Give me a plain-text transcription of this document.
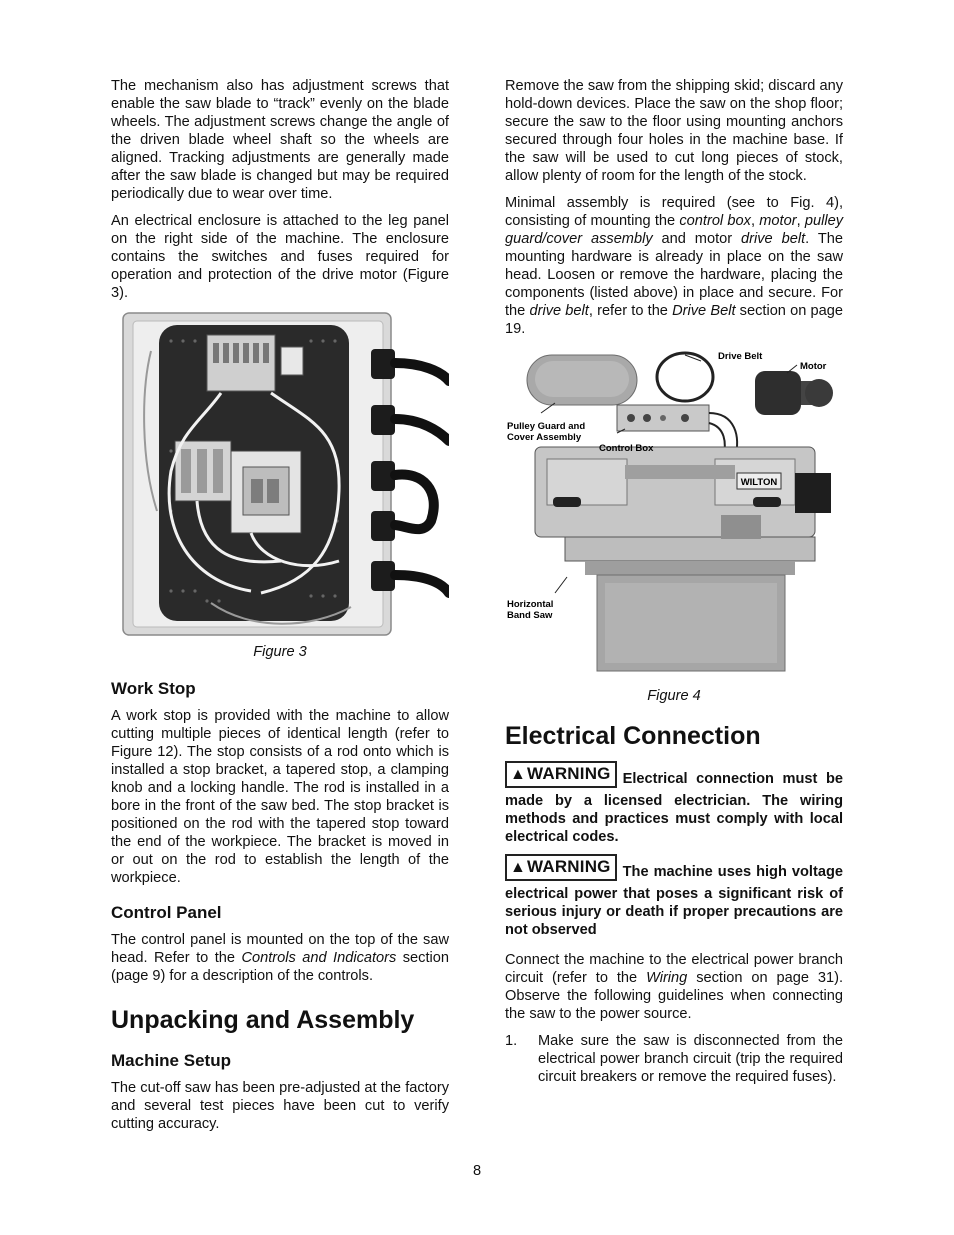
The mechanism also has adjustment screws that enable the saw blade to “track” evenly on the blade wheels. The adjustment screws change the angle of the driven blade wheel shaft so the wheels are aligned. Tracking adjustments are generally made after the saw blade is changed but may be required periodically due to wear over time.

An electrical enclosure is attached to the leg panel on the right side of the machine. The enclosure contains the switches and fuses required for operation and protection of the drive motor (Figure 3).

Figure 3

Work Stop

A work stop is provided with the machine to allow cutting multiple pieces of identical length (refer to Figure 12). The stop consists of a rod onto which is installed a stop bracket, a tapered stop, a clamping knob and a locking handle. The rod is installed in a bore in the front of the saw bed. The stop bracket is positioned on the rod with the tapered stop toward the end of the workpiece. The bracket is moved in or out on the rod to establish the length of the workpiece.

Control Panel

The control panel is mounted on the top of the saw head. Refer to the Controls and Indicators section (page 9) for a description of the controls.

Unpacking and Assembly
Machine Setup

The cut-off saw has been pre-adjusted at the factory and several test pieces have been cut to verify cutting accuracy.

Remove the saw from the shipping skid; discard any hold-down devices. Place the saw on the shop floor; secure the saw to the floor using mounting anchors secured through four holes in the machine base. If the saw will be used to cut long pieces of stock, allow plenty of room for the length of the stock.

Minimal assembly is required (see to Fig. 4), consisting of mounting the control box, motor, pulley guard/cover assembly and motor drive belt. The mounting hardware is already in place on the saw head. Loosen or remove the hardware, placing the components (listed above) in place and secure. For the drive belt, refer to the Drive Belt section on page 19.

WILTON
Drive Belt
Motor
Pulley Guard and
Cover Assembly
Control Box
Horizontal
Band Saw

Figure 4

Electrical Connection

▲WARNING Electrical connection must be made by a licensed electrician. The wiring methods and practices must comply with local electrical codes.

▲WARNING The machine uses high voltage electrical power that poses a significant risk of serious injury or death if proper precautions are not observed

Connect the machine to the electrical power branch circuit (refer to the Wiring section on page 31). Observe the following guidelines when connecting the saw to the power source.

1. Make sure the saw is disconnected from the electrical power branch circuit (trip the required circuit breakers or remove the required fuses).
8
